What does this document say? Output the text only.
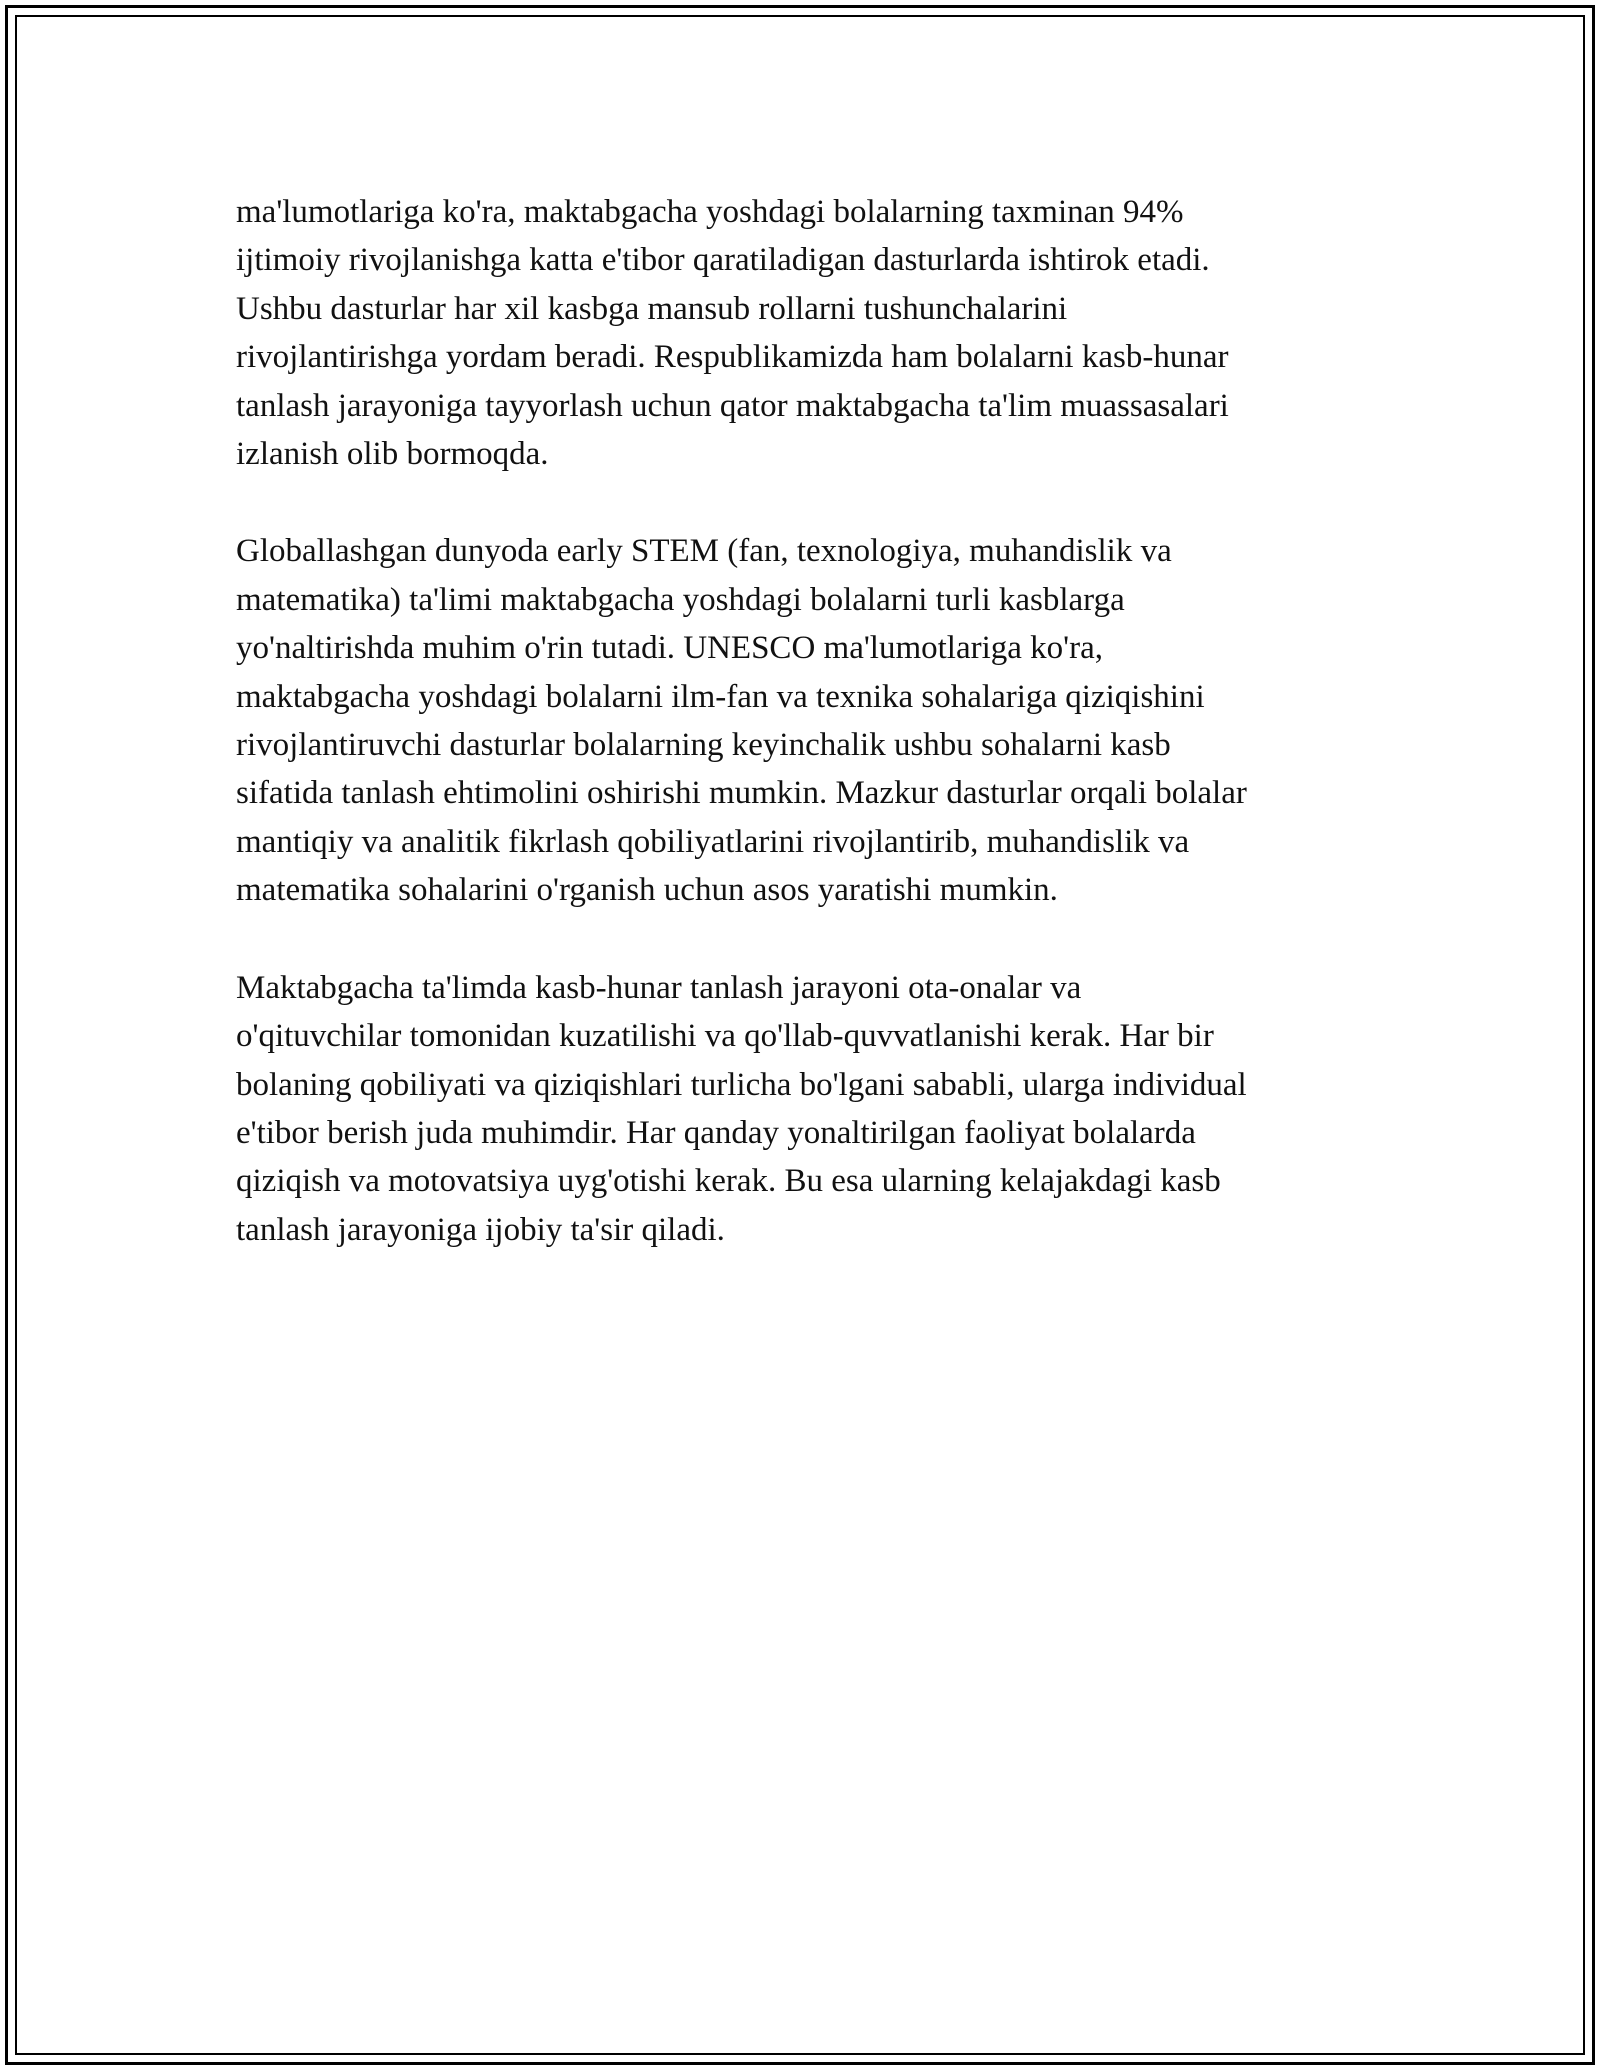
ma'lumotlariga ko'ra, maktabgacha yoshdagi bolalarning taxminan 94%
ijtimoiy rivojlanishga katta e'tibor qaratiladigan dasturlarda ishtirok etadi.
Ushbu dasturlar har xil kasbga mansub rollarni tushunchalarini
rivojlantirishga yordam beradi. Respublikamizda ham bolalarni kasb-hunar
tanlash jarayoniga tayyorlash uchun qator maktabgacha ta'lim muassasalari
izlanish olib bormoqda.

Globallashgan dunyoda early STEM (fan, texnologiya, muhandislik va
matematika) ta'limi maktabgacha yoshdagi bolalarni turli kasblarga
yo'naltirishda muhim o'rin tutadi. UNESCO ma'lumotlariga ko'ra,
maktabgacha yoshdagi bolalarni ilm-fan va texnika sohalariga qiziqishini
rivojlantiruvchi dasturlar bolalarning keyinchalik ushbu sohalarni kasb
sifatida tanlash ehtimolini oshirishi mumkin. Mazkur dasturlar orqali bolalar
mantiqiy va analitik fikrlash qobiliyatlarini rivojlantirib, muhandislik va
matematika sohalarini o'rganish uchun asos yaratishi mumkin.

Maktabgacha ta'limda kasb-hunar tanlash jarayoni ota-onalar va
o'qituvchilar tomonidan kuzatilishi va qo'llab-quvvatlanishi kerak. Har bir
bolaning qobiliyati va qiziqishlari turlicha bo'lgani sababli, ularga individual
e'tibor berish juda muhimdir. Har qanday yonaltirilgan faoliyat bolalarda
qiziqish va motovatsiya uyg'otishi kerak. Bu esa ularning kelajakdagi kasb
tanlash jarayoniga ijobiy ta'sir qiladi.
